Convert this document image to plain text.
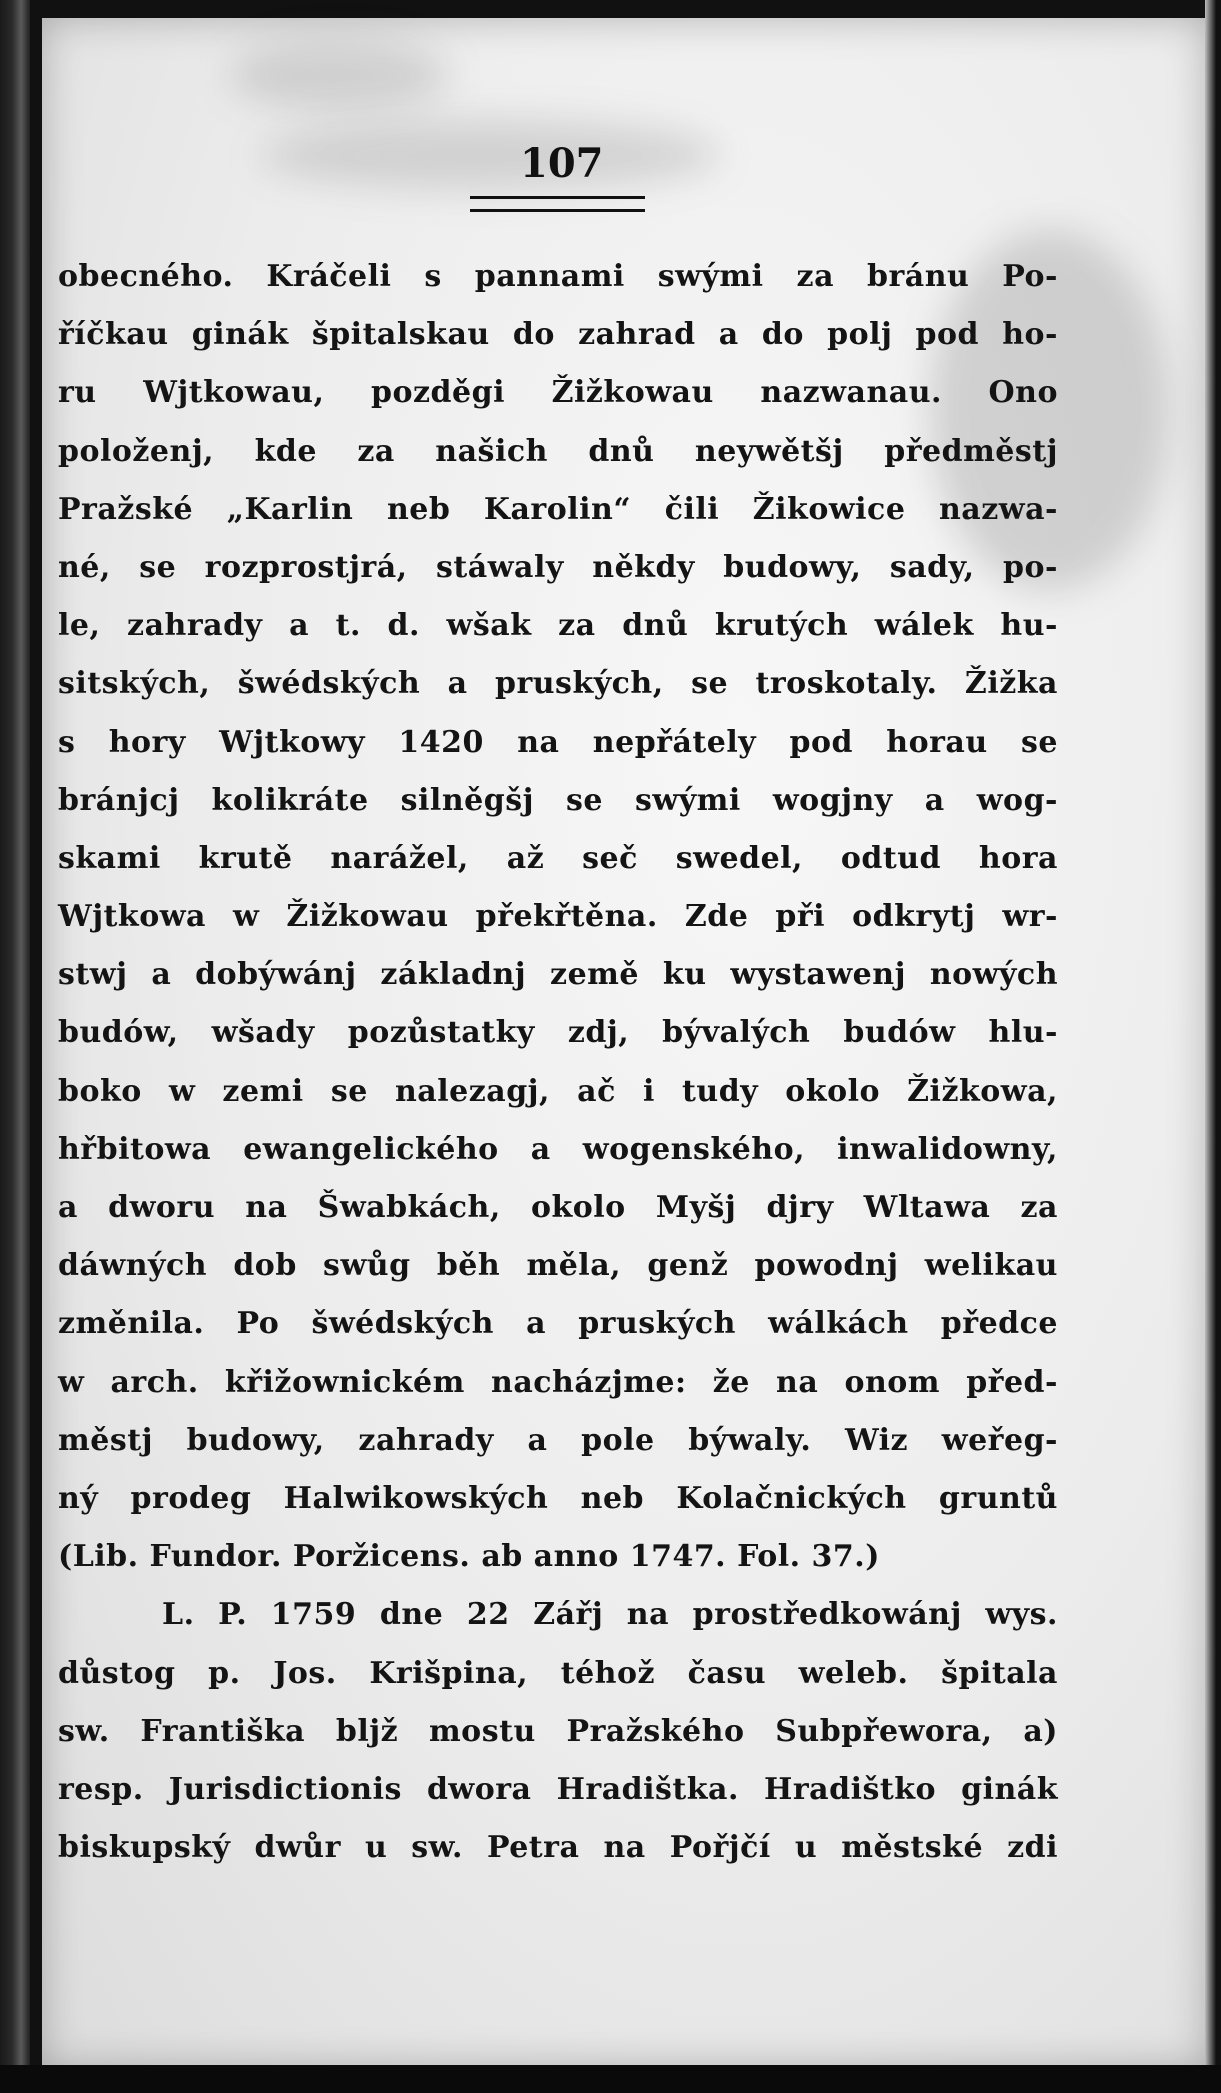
107
obecného. Kráčeli s pannami swými za bránu Po-
říčkau ginák špitalskau do zahrad a do polj pod ho-
ru Wjtkowau, pozděgi Žižkowau nazwanau. Ono
položenj, kde za našich dnů neywětšj předměstj
Pražské „Karlin neb Karolin“ čili Žikowice nazwa-
né, se rozprostjrá, stáwaly někdy budowy, sady, po-
le, zahrady a t. d. wšak za dnů krutých wálek hu-
sitských, šwédských a pruských, se troskotaly. Žižka
s hory Wjtkowy 1420 na nepřátely pod horau se
bránjcj kolikráte silněgšj se swými wogjny a wog-
skami krutě narážel, až seč swedel, odtud hora
Wjtkowa w Žižkowau překřtěna. Zde při odkrytj wr-
stwj a dobýwánj základnj země ku wystawenj nowých
budów, wšady pozůstatky zdj, bývalých budów hlu-
boko w zemi se nalezagj, ač i tudy okolo Žižkowa,
hřbitowa ewangelického a wogenského, inwalidowny,
a dworu na Šwabkách, okolo Myšj djry Wltawa za
dáwných dob swůg běh měla, genž powodnj welikau
změnila. Po šwédských a pruských wálkách předce
w arch. křižownickém nacházjme: že na onom před-
městj budowy, zahrady a pole býwaly. Wiz weřeg-
ný prodeg Halwikowských neb Kolačnických gruntů
(Lib. Fundor. Poržicens. ab anno 1747. Fol. 37.)
L. P. 1759 dne 22 Zářj na prostředkowánj wys.
důstog p. Jos. Krišpina, téhož času weleb. špitala
sw. Františka bljž mostu Pražského Subpřewora, a)
resp. Jurisdictionis dwora Hradištka. Hradištko ginák
biskupský dwůr u sw. Petra na Pořjčí u městské zdi
